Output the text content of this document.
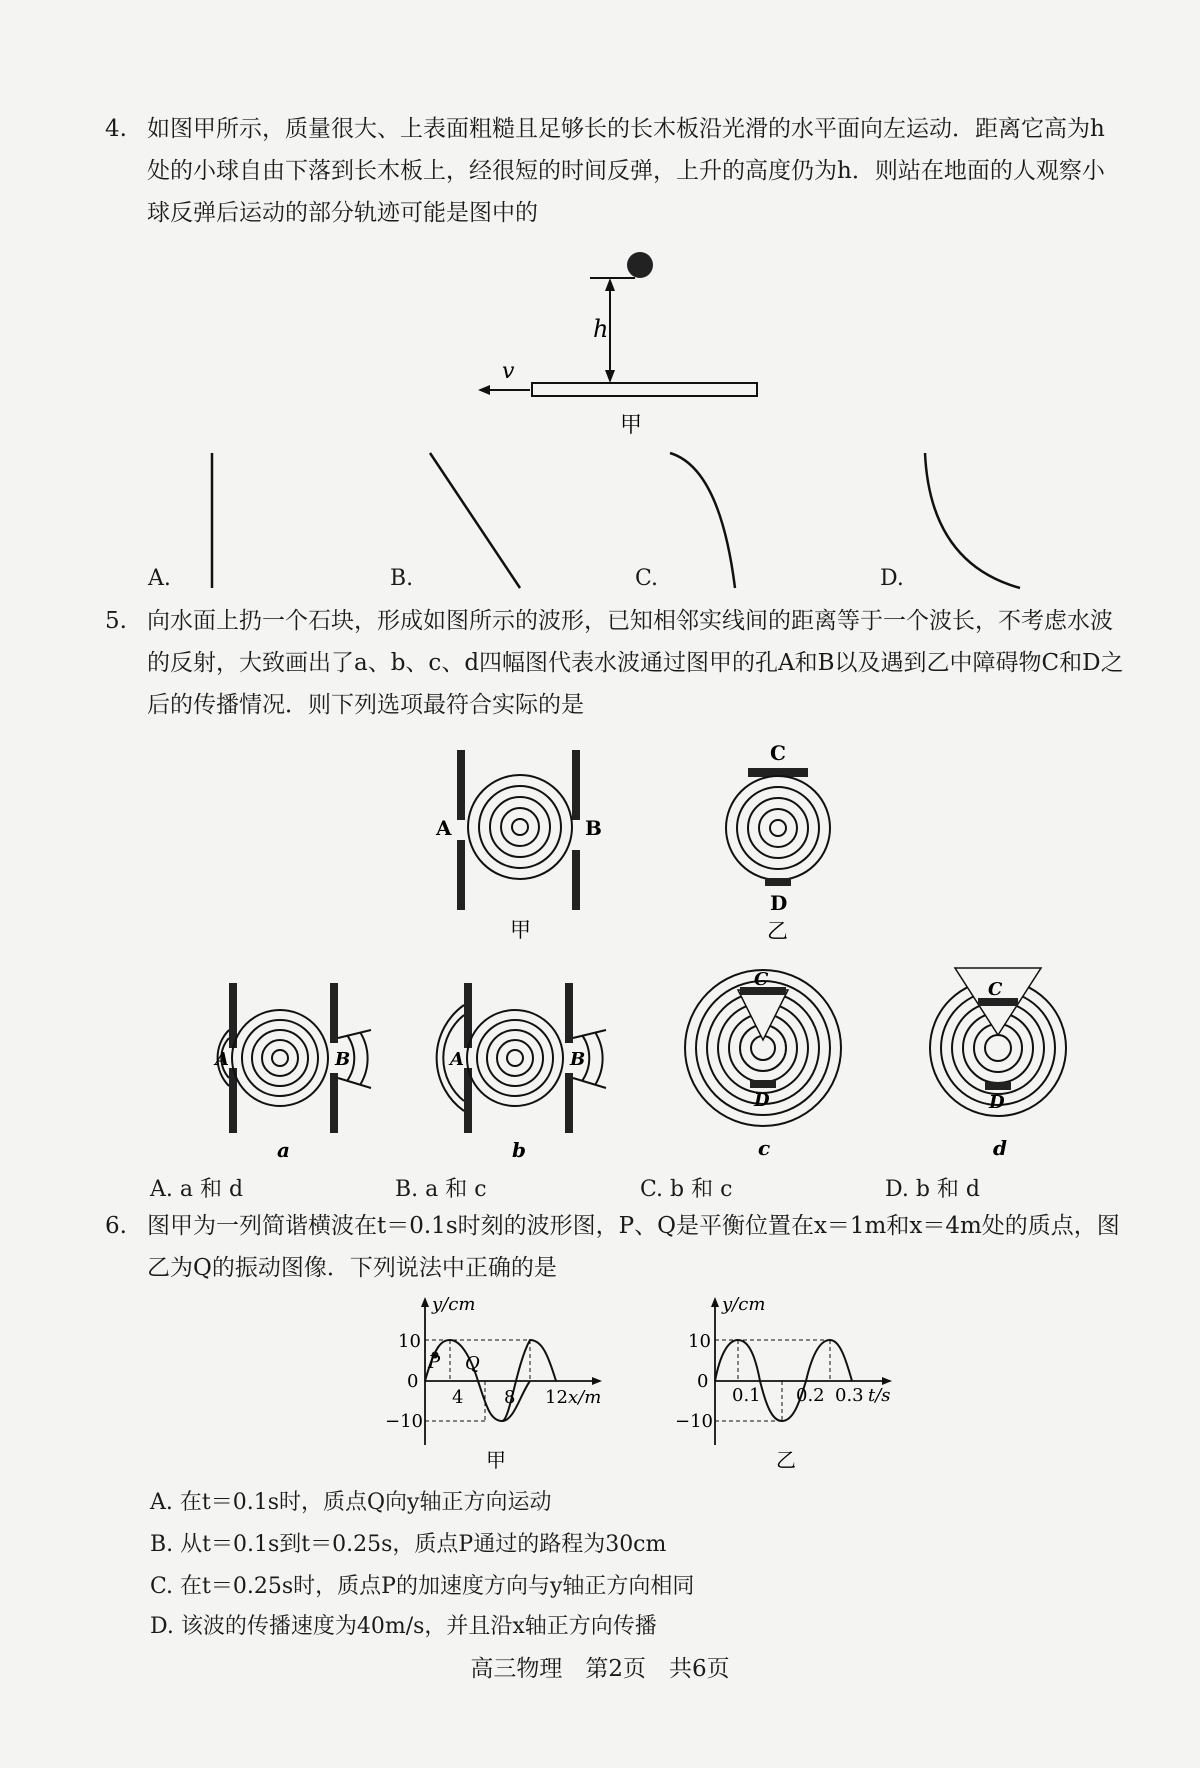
4. 如图甲所示，质量很大、上表面粗糙且足够长的长木板沿光滑的水平面向左运动．距离它高为h处的小球自由下落到长木板上，经很短的时间反弹，上升的高度仍为h．则站在地面的人观察小球反弹后运动的部分轨迹可能是图中的
h
v
甲
A.	B.	C.	D.
5. 向水面上扔一个石块，形成如图所示的波形，已知相邻实线间的距离等于一个波长，不考虑水波的反射，大致画出了a、b、c、d四幅图代表水波通过图甲的孔A和B以及遇到乙中障碍物C和D之后的传播情况．则下列选项最符合实际的是
A	B
甲
C
D
乙
A	B
a
A	B
b
C
D
c
C
D
d
A. a 和 d	B. a 和 c	C. b 和 c	D. b 和 d
6. 图甲为一列简谐横波在t＝0.1s时刻的波形图，P、Q是平衡位置在x＝1m和x＝4m处的质点，图乙为Q的振动图像．下列说法中正确的是
y/cm
10
0
−10
P Q
4 8 12 x/m
甲
y/cm
10
0
−10
0.1 0.2 0.3 t/s
乙
A. 在t＝0.1s时，质点Q向y轴正方向运动
B. 从t＝0.1s到t＝0.25s，质点P通过的路程为30cm
C. 在t＝0.25s时，质点P的加速度方向与y轴正方向相同
D. 该波的传播速度为40m/s，并且沿x轴正方向传播
高三物理　第2页　共6页
